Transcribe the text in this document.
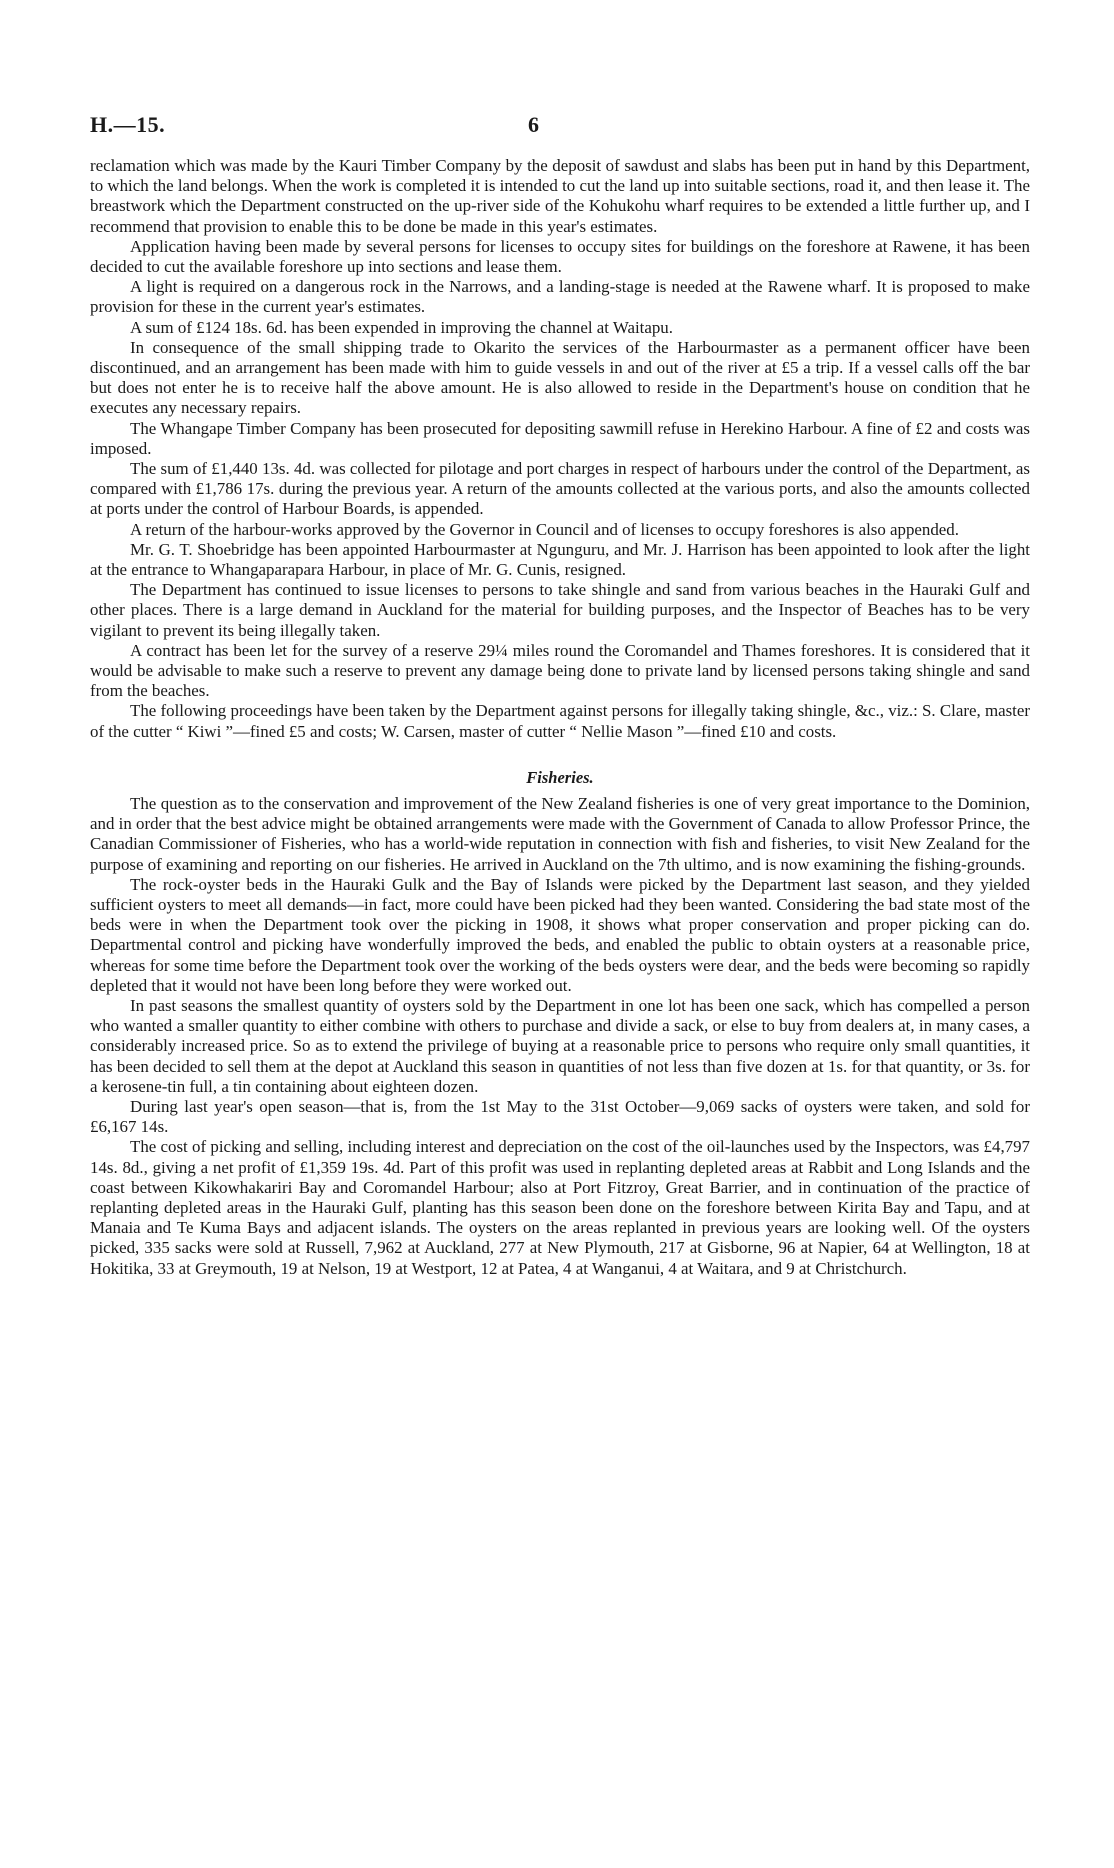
H.—15.	6

reclamation which was made by the Kauri Timber Company by the deposit of sawdust and slabs has been put in hand by this Department, to which the land belongs. When the work is completed it is intended to cut the land up into suitable sections, road it, and then lease it. The breastwork which the Department constructed on the up-river side of the Kohukohu wharf requires to be extended a little further up, and I recommend that provision to enable this to be done be made in this year's estimates.

Application having been made by several persons for licenses to occupy sites for buildings on the foreshore at Rawene, it has been decided to cut the available foreshore up into sections and lease them.

A light is required on a dangerous rock in the Narrows, and a landing-stage is needed at the Rawene wharf. It is proposed to make provision for these in the current year's estimates.

A sum of £124 18s. 6d. has been expended in improving the channel at Waitapu.

In consequence of the small shipping trade to Okarito the services of the Harbourmaster as a permanent officer have been discontinued, and an arrangement has been made with him to guide vessels in and out of the river at £5 a trip. If a vessel calls off the bar but does not enter he is to receive half the above amount. He is also allowed to reside in the Department's house on condition that he executes any necessary repairs.

The Whangape Timber Company has been prosecuted for depositing sawmill refuse in Herekino Harbour. A fine of £2 and costs was imposed.

The sum of £1,440 13s. 4d. was collected for pilotage and port charges in respect of harbours under the control of the Department, as compared with £1,786 17s. during the previous year. A return of the amounts collected at the various ports, and also the amounts collected at ports under the control of Harbour Boards, is appended.

A return of the harbour-works approved by the Governor in Council and of licenses to occupy foreshores is also appended.

Mr. G. T. Shoebridge has been appointed Harbourmaster at Ngunguru, and Mr. J. Harrison has been appointed to look after the light at the entrance to Whangaparapara Harbour, in place of Mr. G. Cunis, resigned.

The Department has continued to issue licenses to persons to take shingle and sand from various beaches in the Hauraki Gulf and other places. There is a large demand in Auckland for the material for building purposes, and the Inspector of Beaches has to be very vigilant to prevent its being illegally taken.

A contract has been let for the survey of a reserve 29¼ miles round the Coromandel and Thames foreshores. It is considered that it would be advisable to make such a reserve to prevent any damage being done to private land by licensed persons taking shingle and sand from the beaches.

The following proceedings have been taken by the Department against persons for illegally taking shingle, &c., viz.: S. Clare, master of the cutter “ Kiwi ”—fined £5 and costs; W. Carsen, master of cutter “ Nellie Mason ”—fined £10 and costs.

Fisheries.

The question as to the conservation and improvement of the New Zealand fisheries is one of very great importance to the Dominion, and in order that the best advice might be obtained arrangements were made with the Government of Canada to allow Professor Prince, the Canadian Commissioner of Fisheries, who has a world-wide reputation in connection with fish and fisheries, to visit New Zealand for the purpose of examining and reporting on our fisheries. He arrived in Auckland on the 7th ultimo, and is now examining the fishing-grounds.

The rock-oyster beds in the Hauraki Gulk and the Bay of Islands were picked by the Department last season, and they yielded sufficient oysters to meet all demands—in fact, more could have been picked had they been wanted. Considering the bad state most of the beds were in when the Department took over the picking in 1908, it shows what proper conservation and proper picking can do. Departmental control and picking have wonderfully improved the beds, and enabled the public to obtain oysters at a reasonable price, whereas for some time before the Department took over the working of the beds oysters were dear, and the beds were becoming so rapidly depleted that it would not have been long before they were worked out.

In past seasons the smallest quantity of oysters sold by the Department in one lot has been one sack, which has compelled a person who wanted a smaller quantity to either combine with others to purchase and divide a sack, or else to buy from dealers at, in many cases, a considerably increased price. So as to extend the privilege of buying at a reasonable price to persons who require only small quantities, it has been decided to sell them at the depot at Auckland this season in quantities of not less than five dozen at 1s. for that quantity, or 3s. for a kerosene-tin full, a tin containing about eighteen dozen.

During last year's open season—that is, from the 1st May to the 31st October—9,069 sacks of oysters were taken, and sold for £6,167 14s.

The cost of picking and selling, including interest and depreciation on the cost of the oil-launches used by the Inspectors, was £4,797 14s. 8d., giving a net profit of £1,359 19s. 4d. Part of this profit was used in replanting depleted areas at Rabbit and Long Islands and the coast between Kikowhakariri Bay and Coromandel Harbour; also at Port Fitzroy, Great Barrier, and in continuation of the practice of replanting depleted areas in the Hauraki Gulf, planting has this season been done on the foreshore between Kirita Bay and Tapu, and at Manaia and Te Kuma Bays and adjacent islands. The oysters on the areas replanted in previous years are looking well. Of the oysters picked, 335 sacks were sold at Russell, 7,962 at Auckland, 277 at New Plymouth, 217 at Gisborne, 96 at Napier, 64 at Wellington, 18 at Hokitika, 33 at Greymouth, 19 at Nelson, 19 at Westport, 12 at Patea, 4 at Wanganui, 4 at Waitara, and 9 at Christchurch.
